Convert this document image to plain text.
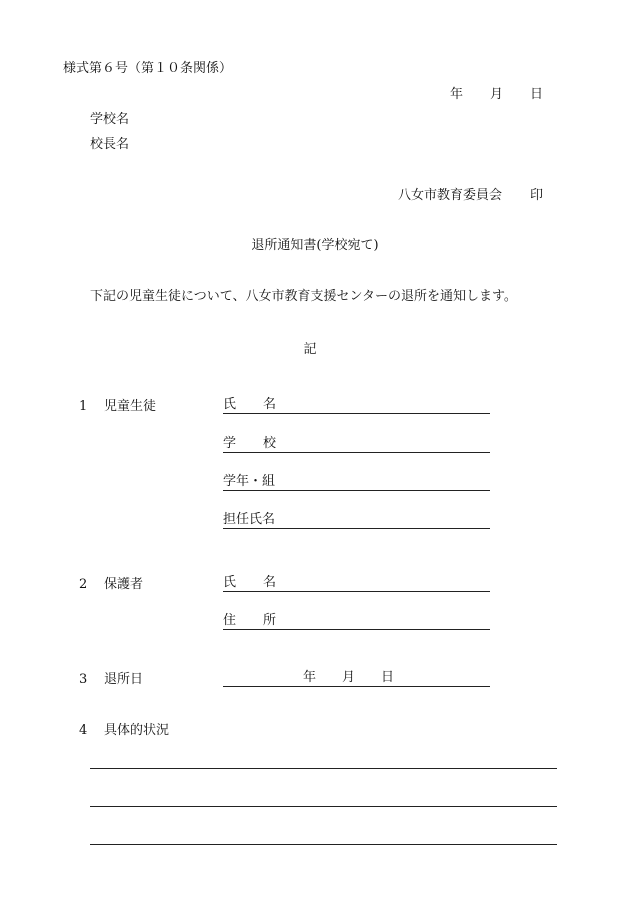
様式第６号（第１０条関係）
年 月 日
学校名
校長名
八女市教育委員会 印
退所通知書(学校宛て)
下記の児童生徒について、八女市教育支援センターの退所を通知します。
記
1 児童生徒	氏 名
学 校
学年・組
担任氏名
2 保護者	氏 名
住 所
3 退所日	年 月 日
4 具体的状況
